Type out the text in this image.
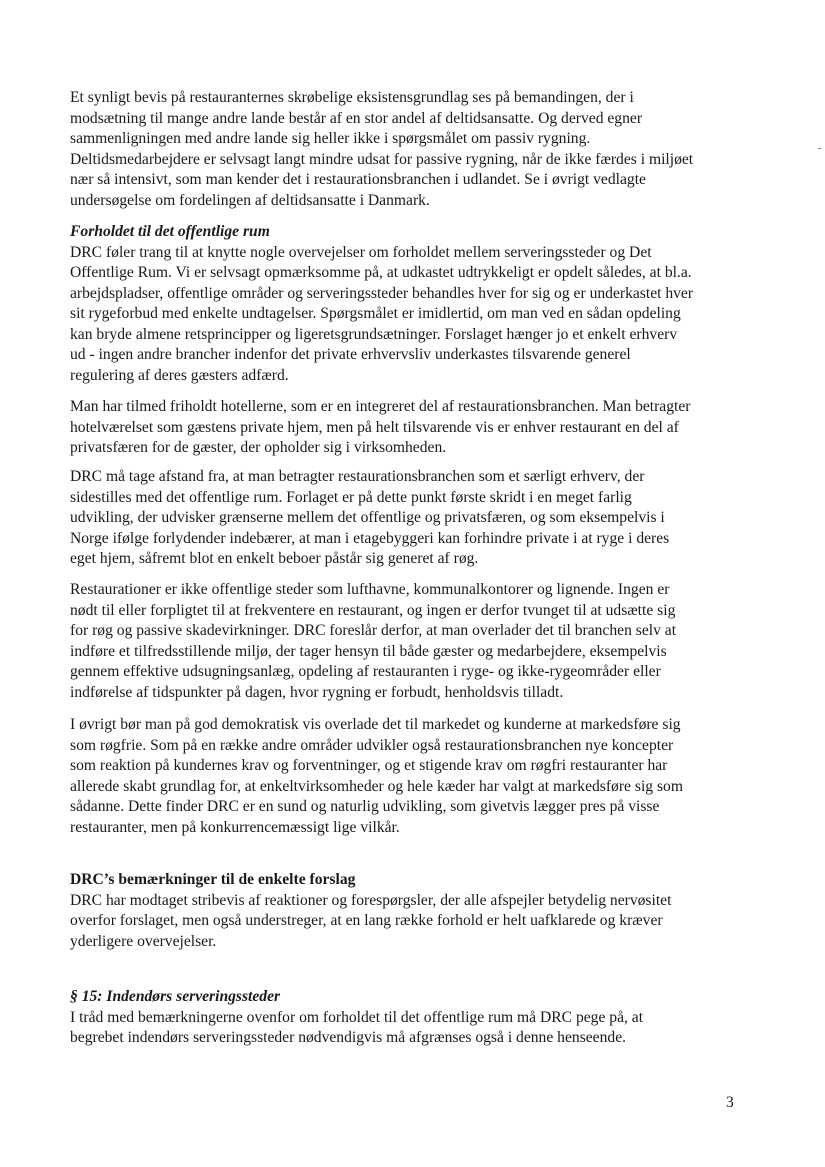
Et synligt bevis på restauranternes skrøbelige eksistensgrundlag ses på bemandingen, der i
modsætning til mange andre lande består af en stor andel af deltidsansatte. Og derved egner
sammenligningen med andre lande sig heller ikke i spørgsmålet om passiv rygning.
Deltidsmedarbejdere er selvsagt langt mindre udsat for passive rygning, når de ikke færdes i miljøet
nær så intensivt, som man kender det i restaurationsbranchen i udlandet. Se i øvrigt vedlagte
undersøgelse om fordelingen af deltidsansatte i Danmark.
Forholdet til det offentlige rum
DRC føler trang til at knytte nogle overvejelser om forholdet mellem serveringssteder og Det
Offentlige Rum. Vi er selvsagt opmærksomme på, at udkastet udtrykkeligt er opdelt således, at bl.a.
arbejdspladser, offentlige områder og serveringssteder behandles hver for sig og er underkastet hver
sit rygeforbud med enkelte undtagelser. Spørgsmålet er imidlertid, om man ved en sådan opdeling
kan bryde almene retsprincipper og ligeretsgrundsætninger. Forslaget hænger jo et enkelt erhverv
ud - ingen andre brancher indenfor det private erhvervsliv underkastes tilsvarende generel
regulering af deres gæsters adfærd.
Man har tilmed friholdt hotellerne, som er en integreret del af restaurationsbranchen. Man betragter
hotelværelset som gæstens private hjem, men på helt tilsvarende vis er enhver restaurant en del af
privatsfæren for de gæster, der opholder sig i virksomheden.
DRC må tage afstand fra, at man betragter restaurationsbranchen som et særligt erhverv, der
sidestilles med det offentlige rum. Forlaget er på dette punkt første skridt i en meget farlig
udvikling, der udvisker grænserne mellem det offentlige og privatsfæren, og som eksempelvis i
Norge ifølge forlydender indebærer, at man i etagebyggeri kan forhindre private i at ryge i deres
eget hjem, såfremt blot en enkelt beboer påstår sig generet af røg.
Restaurationer er ikke offentlige steder som lufthavne, kommunalkontorer og lignende. Ingen er
nødt til eller forpligtet til at frekventere en restaurant, og ingen er derfor tvunget til at udsætte sig
for røg og passive skadevirkninger. DRC foreslår derfor, at man overlader det til branchen selv at
indføre et tilfredsstillende miljø, der tager hensyn til både gæster og medarbejdere, eksempelvis
gennem effektive udsugningsanlæg, opdeling af restauranten i ryge- og ikke-rygeområder eller
indførelse af tidspunkter på dagen, hvor rygning er forbudt, henholdsvis tilladt.
I øvrigt bør man på god demokratisk vis overlade det til markedet og kunderne at markedsføre sig
som røgfrie. Som på en række andre områder udvikler også restaurationsbranchen nye koncepter
som reaktion på kundernes krav og forventninger, og et stigende krav om røgfri restauranter har
allerede skabt grundlag for, at enkeltvirksomheder og hele kæder har valgt at markedsføre sig som
sådanne. Dette finder DRC er en sund og naturlig udvikling, som givetvis lægger pres på visse
restauranter, men på konkurrencemæssigt lige vilkår.
DRC’s bemærkninger til de enkelte forslag
DRC har modtaget stribevis af reaktioner og forespørgsler, der alle afspejler betydelig nervøsitet
overfor forslaget, men også understreger, at en lang række forhold er helt uafklarede og kræver
yderligere overvejelser.
§ 15: Indendørs serveringssteder
I tråd med bemærkningerne ovenfor om forholdet til det offentlige rum må DRC pege på, at
begrebet indendørs serveringssteder nødvendigvis må afgrænses også i denne henseende.
3
